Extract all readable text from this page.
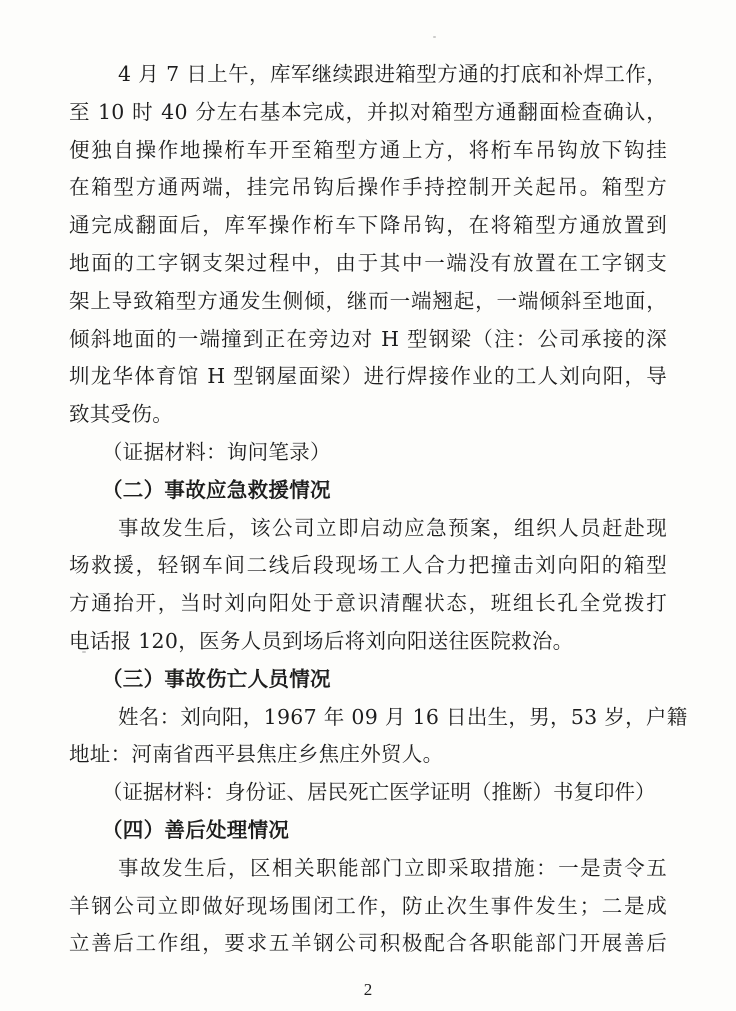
4 月 7 日上午，库军继续跟进箱型方通的打底和补焊工作，
至 10 时 40 分左右基本完成，并拟对箱型方通翻面检查确认，
便独自操作地操桁车开至箱型方通上方，将桁车吊钩放下钩挂
在箱型方通两端，挂完吊钩后操作手持控制开关起吊。箱型方
通完成翻面后，库军操作桁车下降吊钩，在将箱型方通放置到
地面的工字钢支架过程中，由于其中一端没有放置在工字钢支
架上导致箱型方通发生侧倾，继而一端翘起，一端倾斜至地面，
倾斜地面的一端撞到正在旁边对 H 型钢梁（注：公司承接的深
圳龙华体育馆 H 型钢屋面梁）进行焊接作业的工人刘向阳，导
致其受伤。
（证据材料：询问笔录）
（二）事故应急救援情况
事故发生后，该公司立即启动应急预案，组织人员赶赴现
场救援，轻钢车间二线后段现场工人合力把撞击刘向阳的箱型
方通抬开，当时刘向阳处于意识清醒状态，班组长孔全党拨打
电话报 120，医务人员到场后将刘向阳送往医院救治。
（三）事故伤亡人员情况
姓名：刘向阳，1967 年 09 月 16 日出生，男，53 岁，户籍
地址：河南省西平县焦庄乡焦庄外贸人。
（证据材料：身份证、居民死亡医学证明（推断）书复印件）
（四）善后处理情况
事故发生后，区相关职能部门立即采取措施：一是责令五
羊钢公司立即做好现场围闭工作，防止次生事件发生；二是成
立善后工作组，要求五羊钢公司积极配合各职能部门开展善后
2
